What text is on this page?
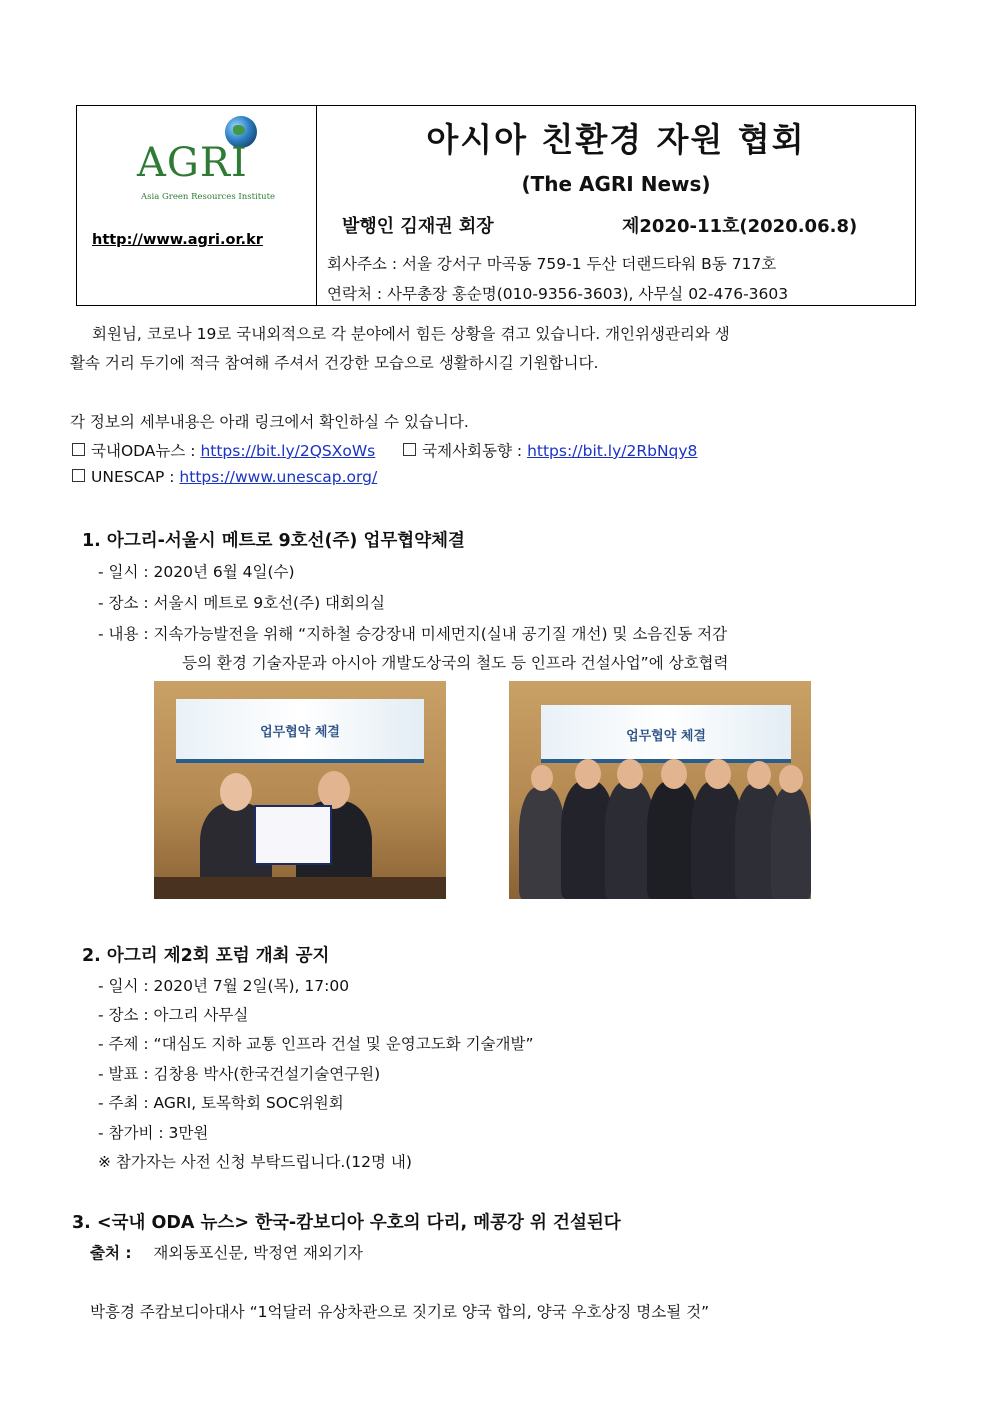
AGRI
Asia Green Resources Institute
http://www.agri.or.kr
아시아 친환경 자원 협회
(The AGRI News)
발행인 김재권 회장	제2020-11호(2020.06.8)
회사주소 : 서울 강서구 마곡동 759-1 두산 더랜드타워 B동 717호
연락처 : 사무총장 홍순명(010-9356-3603), 사무실 02-476-3603
회원님, 코로나 19로 국내외적으로 각 분야에서 힘든 상황을 겪고 있습니다. 개인위생관리와 생
활속 거리 두기에 적극 참여해 주셔서 건강한 모습으로 생활하시길 기원합니다.
각 정보의 세부내용은 아래 링크에서 확인하실 수 있습니다.
국내ODA뉴스 : https://bit.ly/2QSXoWs	국제사회동향 : https://bit.ly/2RbNqy8
UNESCAP : https://www.unescap.org/
1. 아그리-서울시 메트로 9호선(주) 업무협약체결
- 일시 : 2020년 6월 4일(수)
- 장소 : 서울시 메트로 9호선(주) 대회의실
- 내용 : 지속가능발전을 위해 “지하철 승강장내 미세먼지(실내 공기질 개선) 및 소음진동 저감
등의 환경 기술자문과 아시아 개발도상국의 철도 등 인프라 건설사업”에 상호협력
업무협약 체결	업무협약 체결
2. 아그리 제2회 포럼 개최 공지
- 일시 : 2020년 7월 2일(목), 17:00
- 장소 : 아그리 사무실
- 주제 : “대심도 지하 교통 인프라 건설 및 운영고도화 기술개발”
- 발표 : 김창용 박사(한국건설기술연구원)
- 주최 : AGRI, 토목학회 SOC위원회
- 참가비 : 3만원
※ 참가자는 사전 신청 부탁드립니다.(12명 내)
3. <국내 ODA 뉴스> 한국-캄보디아 우호의 다리, 메콩강 위 건설된다
출처 : 재외동포신문, 박정연 재외기자
박흥경 주캄보디아대사 “1억달러 유상차관으로 짓기로 양국 합의, 양국 우호상징 명소될 것”
